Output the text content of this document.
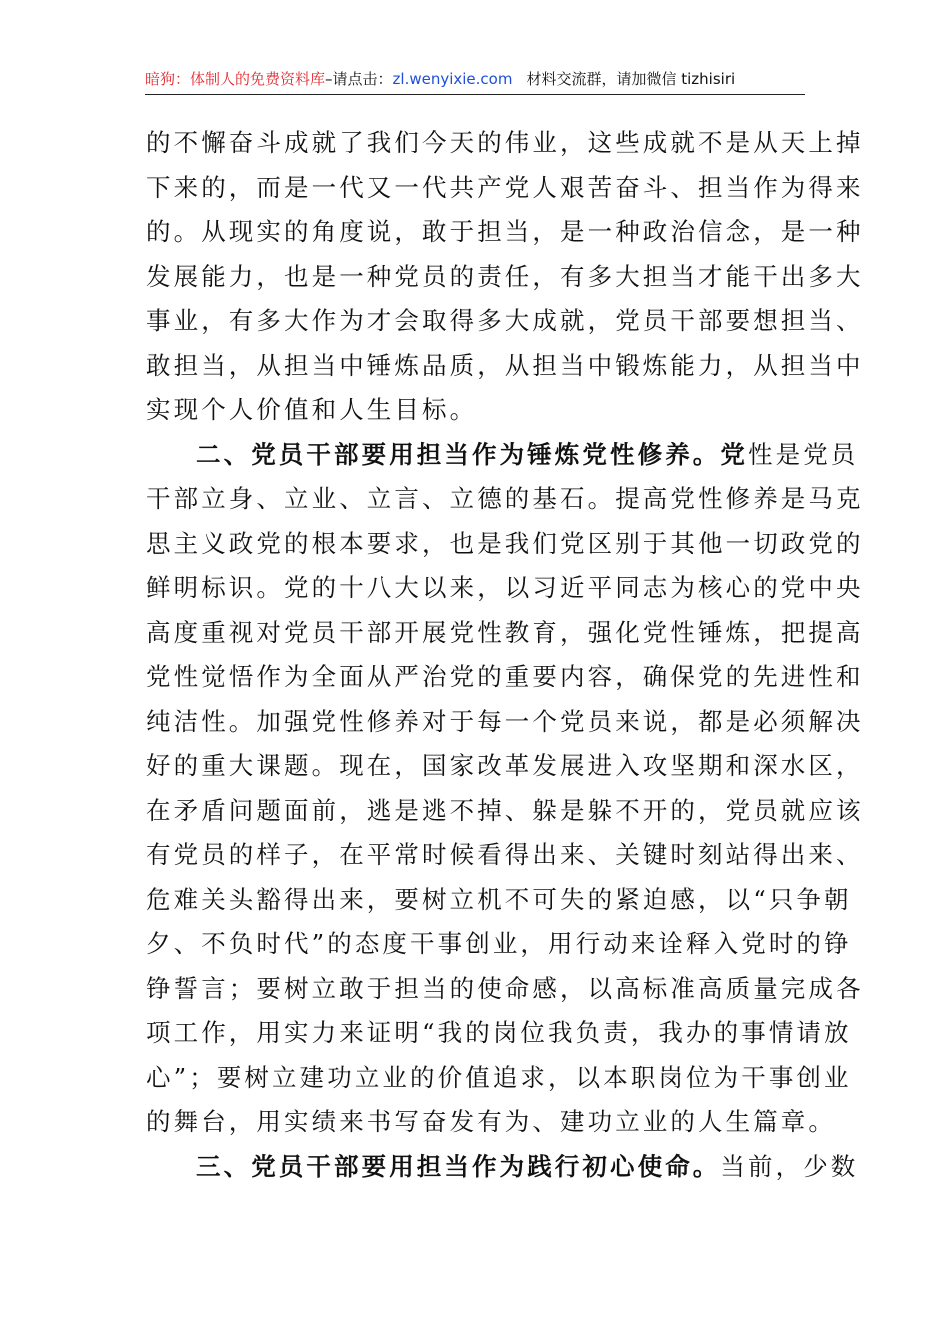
暗狗：体制人的免费资料库–请点击：zl.wenyixie.com 材料交流群，请加微信 tizhisiri
的不懈奋斗成就了我们今天的伟业，这些成就不是从天上掉
下来的，而是一代又一代共产党人艰苦奋斗、担当作为得来
的。从现实的角度说，敢于担当，是一种政治信念，是一种
发展能力，也是一种党员的责任，有多大担当才能干出多大
事业，有多大作为才会取得多大成就，党员干部要想担当、
敢担当，从担当中锤炼品质，从担当中锻炼能力，从担当中
实现个人价值和人生目标。
二、党员干部要用担当作为锤炼党性修养。党性是党员
干部立身、立业、立言、立德的基石。提高党性修养是马克
思主义政党的根本要求，也是我们党区别于其他一切政党的
鲜明标识。党的十八大以来，以习近平同志为核心的党中央
高度重视对党员干部开展党性教育，强化党性锤炼，把提高
党性觉悟作为全面从严治党的重要内容，确保党的先进性和
纯洁性。加强党性修养对于每一个党员来说，都是必须解决
好的重大课题。现在，国家改革发展进入攻坚期和深水区，
在矛盾问题面前，逃是逃不掉、躲是躲不开的，党员就应该
有党员的样子，在平常时候看得出来、关键时刻站得出来、
危难关头豁得出来，要树立机不可失的紧迫感，以“只争朝
夕、不负时代”的态度干事创业，用行动来诠释入党时的铮
铮誓言；要树立敢于担当的使命感，以高标准高质量完成各
项工作，用实力来证明“我的岗位我负责，我办的事情请放
心”；要树立建功立业的价值追求，以本职岗位为干事创业
的舞台，用实绩来书写奋发有为、建功立业的人生篇章。
三、党员干部要用担当作为践行初心使命。当前，少数
